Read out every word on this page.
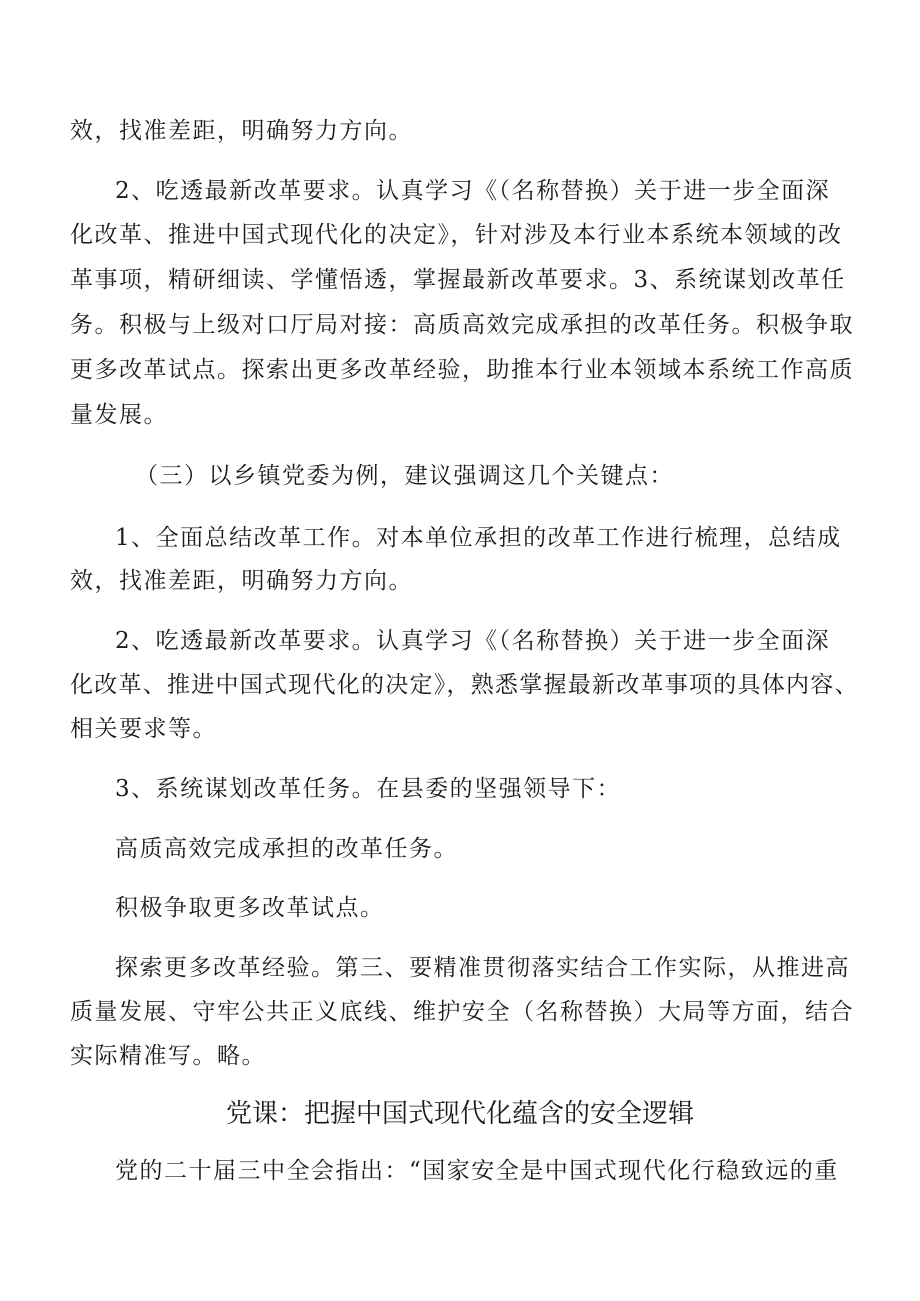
效，找准差距，明确努力方向。
2、吃透最新改革要求。认真学习《（名称替换）关于进一步全面深
化改革、推进中国式现代化的决定》，针对涉及本行业本系统本领域的改
革事项，精研细读、学懂悟透，掌握最新改革要求。3、系统谋划改革任
务。积极与上级对口厅局对接：高质高效完成承担的改革任务。积极争取
更多改革试点。探索出更多改革经验，助推本行业本领域本系统工作高质
量发展。
（三）以乡镇党委为例，建议强调这几个关键点：
1、全面总结改革工作。对本单位承担的改革工作进行梳理，总结成
效，找准差距，明确努力方向。
2、吃透最新改革要求。认真学习《（名称替换）关于进一步全面深
化改革、推进中国式现代化的决定》，熟悉掌握最新改革事项的具体内容、
相关要求等。
3、系统谋划改革任务。在县委的坚强领导下：
高质高效完成承担的改革任务。
积极争取更多改革试点。
探索更多改革经验。第三、要精准贯彻落实结合工作实际，从推进高
质量发展、守牢公共正义底线、维护安全（名称替换）大局等方面，结合
实际精准写。略。
党课：把握中国式现代化蕴含的安全逻辑
党的二十届三中全会指出：“国家安全是中国式现代化行稳致远的重
